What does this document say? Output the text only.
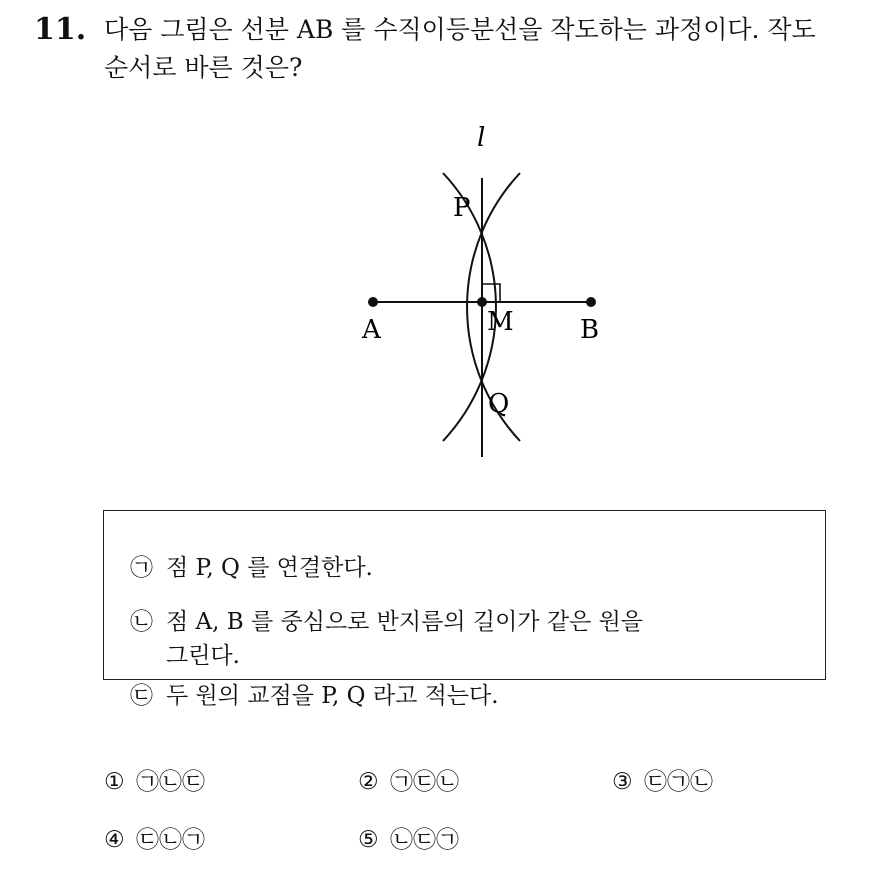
11. 다음 그림은 선분 AB 를 수직이등분선을 작도하는 과정이다. 작도
순서로 바른 것은?
l
P
A	M	B
Q
㉠ 점 P, Q 를 연결한다.
㉡ 점 A, B 를 중심으로 반지름의 길이가 같은 원을
그린다.
㉢ 두 원의 교점을 P, Q 라고 적는다.
① ㉠㉡㉢	② ㉠㉢㉡	③ ㉢㉠㉡
④ ㉢㉡㉠	⑤ ㉡㉢㉠
